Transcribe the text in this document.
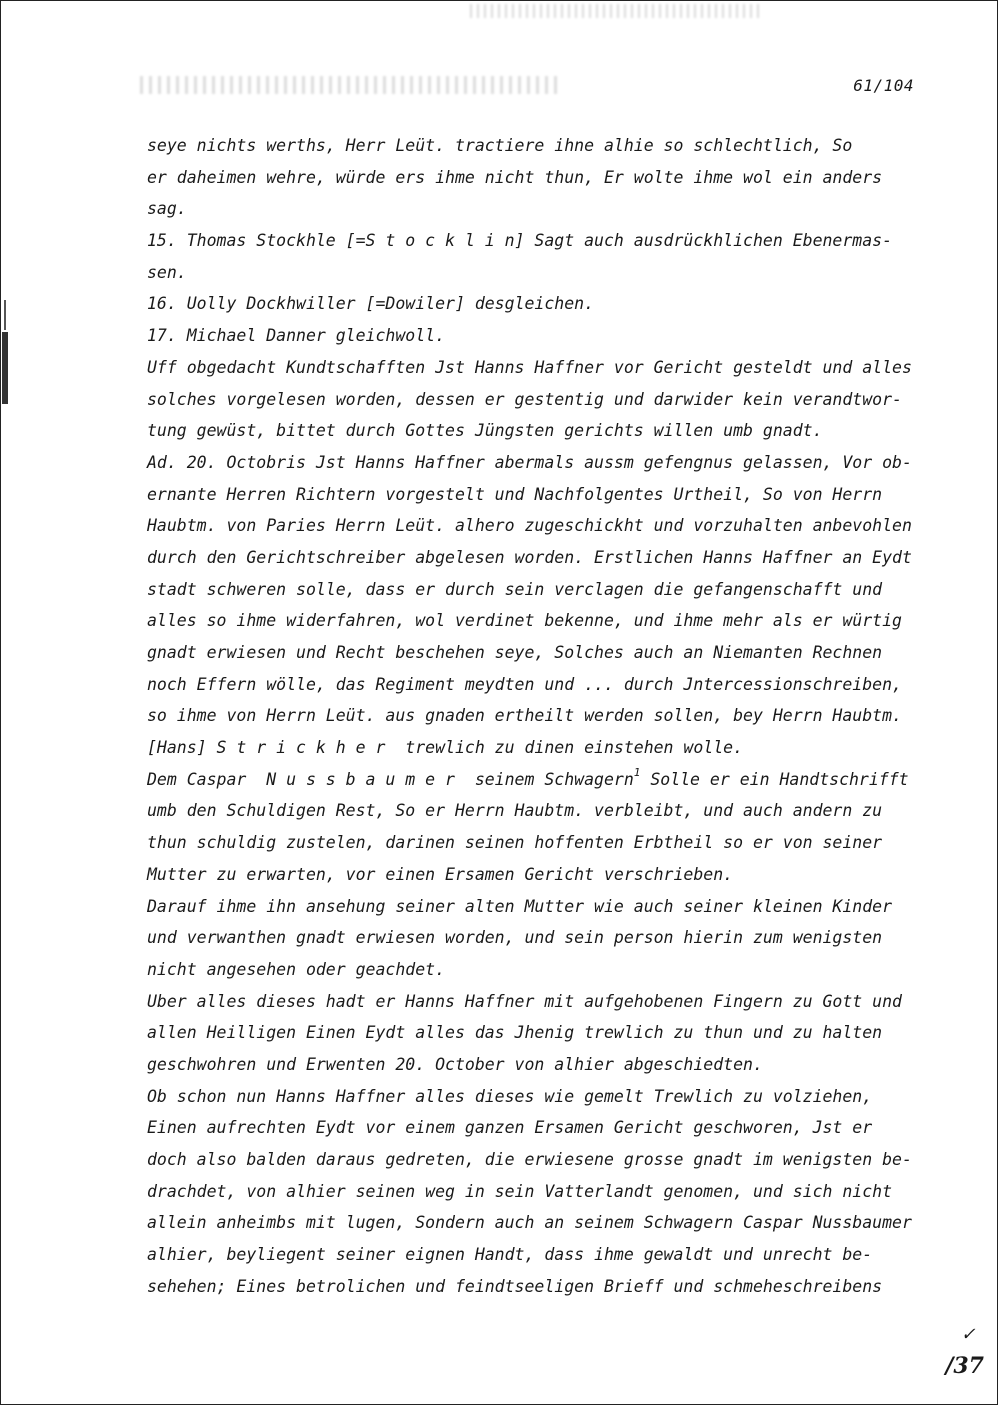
61/104
seye nichts werths, Herr Leüt. tractiere ihne alhie so schlechtlich, So
er daheimen wehre, würde ers ihme nicht thun, Er wolte ihme wol ein anders
sag.
15. Thomas Stockhle [=S t o c k l i n] Sagt auch ausdrückhlichen Ebenermas-
sen.
16. Uolly Dockhwiller [=Dowiler] desgleichen.
17. Michael Danner gleichwoll.
Uff obgedacht Kundtschafften Jst Hanns Haffner vor Gericht gesteldt und alles
solches vorgelesen worden, dessen er gestentig und darwider kein verandtwor-
tung gewüst, bittet durch Gottes Jüngsten gerichts willen umb gnadt.
Ad. 20. Octobris Jst Hanns Haffner abermals aussm gefengnus gelassen, Vor ob-
ernante Herren Richtern vorgestelt und Nachfolgentes Urtheil, So von Herrn
Haubtm. von Paries Herrn Leüt. alhero zugeschickht und vorzuhalten anbevohlen
durch den Gerichtschreiber abgelesen worden. Erstlichen Hanns Haffner an Eydt
stadt schweren solle, dass er durch sein verclagen die gefangenschafft und
alles so ihme widerfahren, wol verdinet bekenne, und ihme mehr als er würtig
gnadt erwiesen und Recht beschehen seye, Solches auch an Niemanten Rechnen
noch Effern wölle, das Regiment meydten und ... durch Jntercessionschreiben,
so ihme von Herrn Leüt. aus gnaden ertheilt werden sollen, bey Herrn Haubtm.
[Hans] S t r i c k h e r  trewlich zu dinen einstehen wolle.
Dem Caspar  N u s s b a u m e r  seinem Schwagern$^1$ Solle er ein Handtschrifft
umb den Schuldigen Rest, So er Herrn Haubtm. verbleibt, und auch andern zu
thun schuldig zustelen, darinen seinen hoffenten Erbtheil so er von seiner
Mutter zu erwarten, vor einen Ersamen Gericht verschrieben.
Darauf ihme ihn ansehung seiner alten Mutter wie auch seiner kleinen Kinder
und verwanthen gnadt erwiesen worden, und sein person hierin zum wenigsten
nicht angesehen oder geachdet.
Uber alles dieses hadt er Hanns Haffner mit aufgehobenen Fingern zu Gott und
allen Heilligen Einen Eydt alles das Jhenig trewlich zu thun und zu halten
geschwohren und Erwenten 20. October von alhier abgeschiedten.
Ob schon nun Hanns Haffner alles dieses wie gemelt Trewlich zu volziehen,
Einen aufrechten Eydt vor einem ganzen Ersamen Gericht geschworen, Jst er
doch also balden daraus gedreten, die erwiesene grosse gnadt im wenigsten be-
drachdet, von alhier seinen weg in sein Vatterlandt genomen, und sich nicht
allein anheimbs mit lugen, Sondern auch an seinem Schwagern Caspar Nussbaumer
alhier, beyliegent seiner eignen Handt, dass ihme gewaldt und unrecht be-
sehehen; Eines betrolichen und feindtseeligen Brieff und schmeheschreibens
✓
/37
